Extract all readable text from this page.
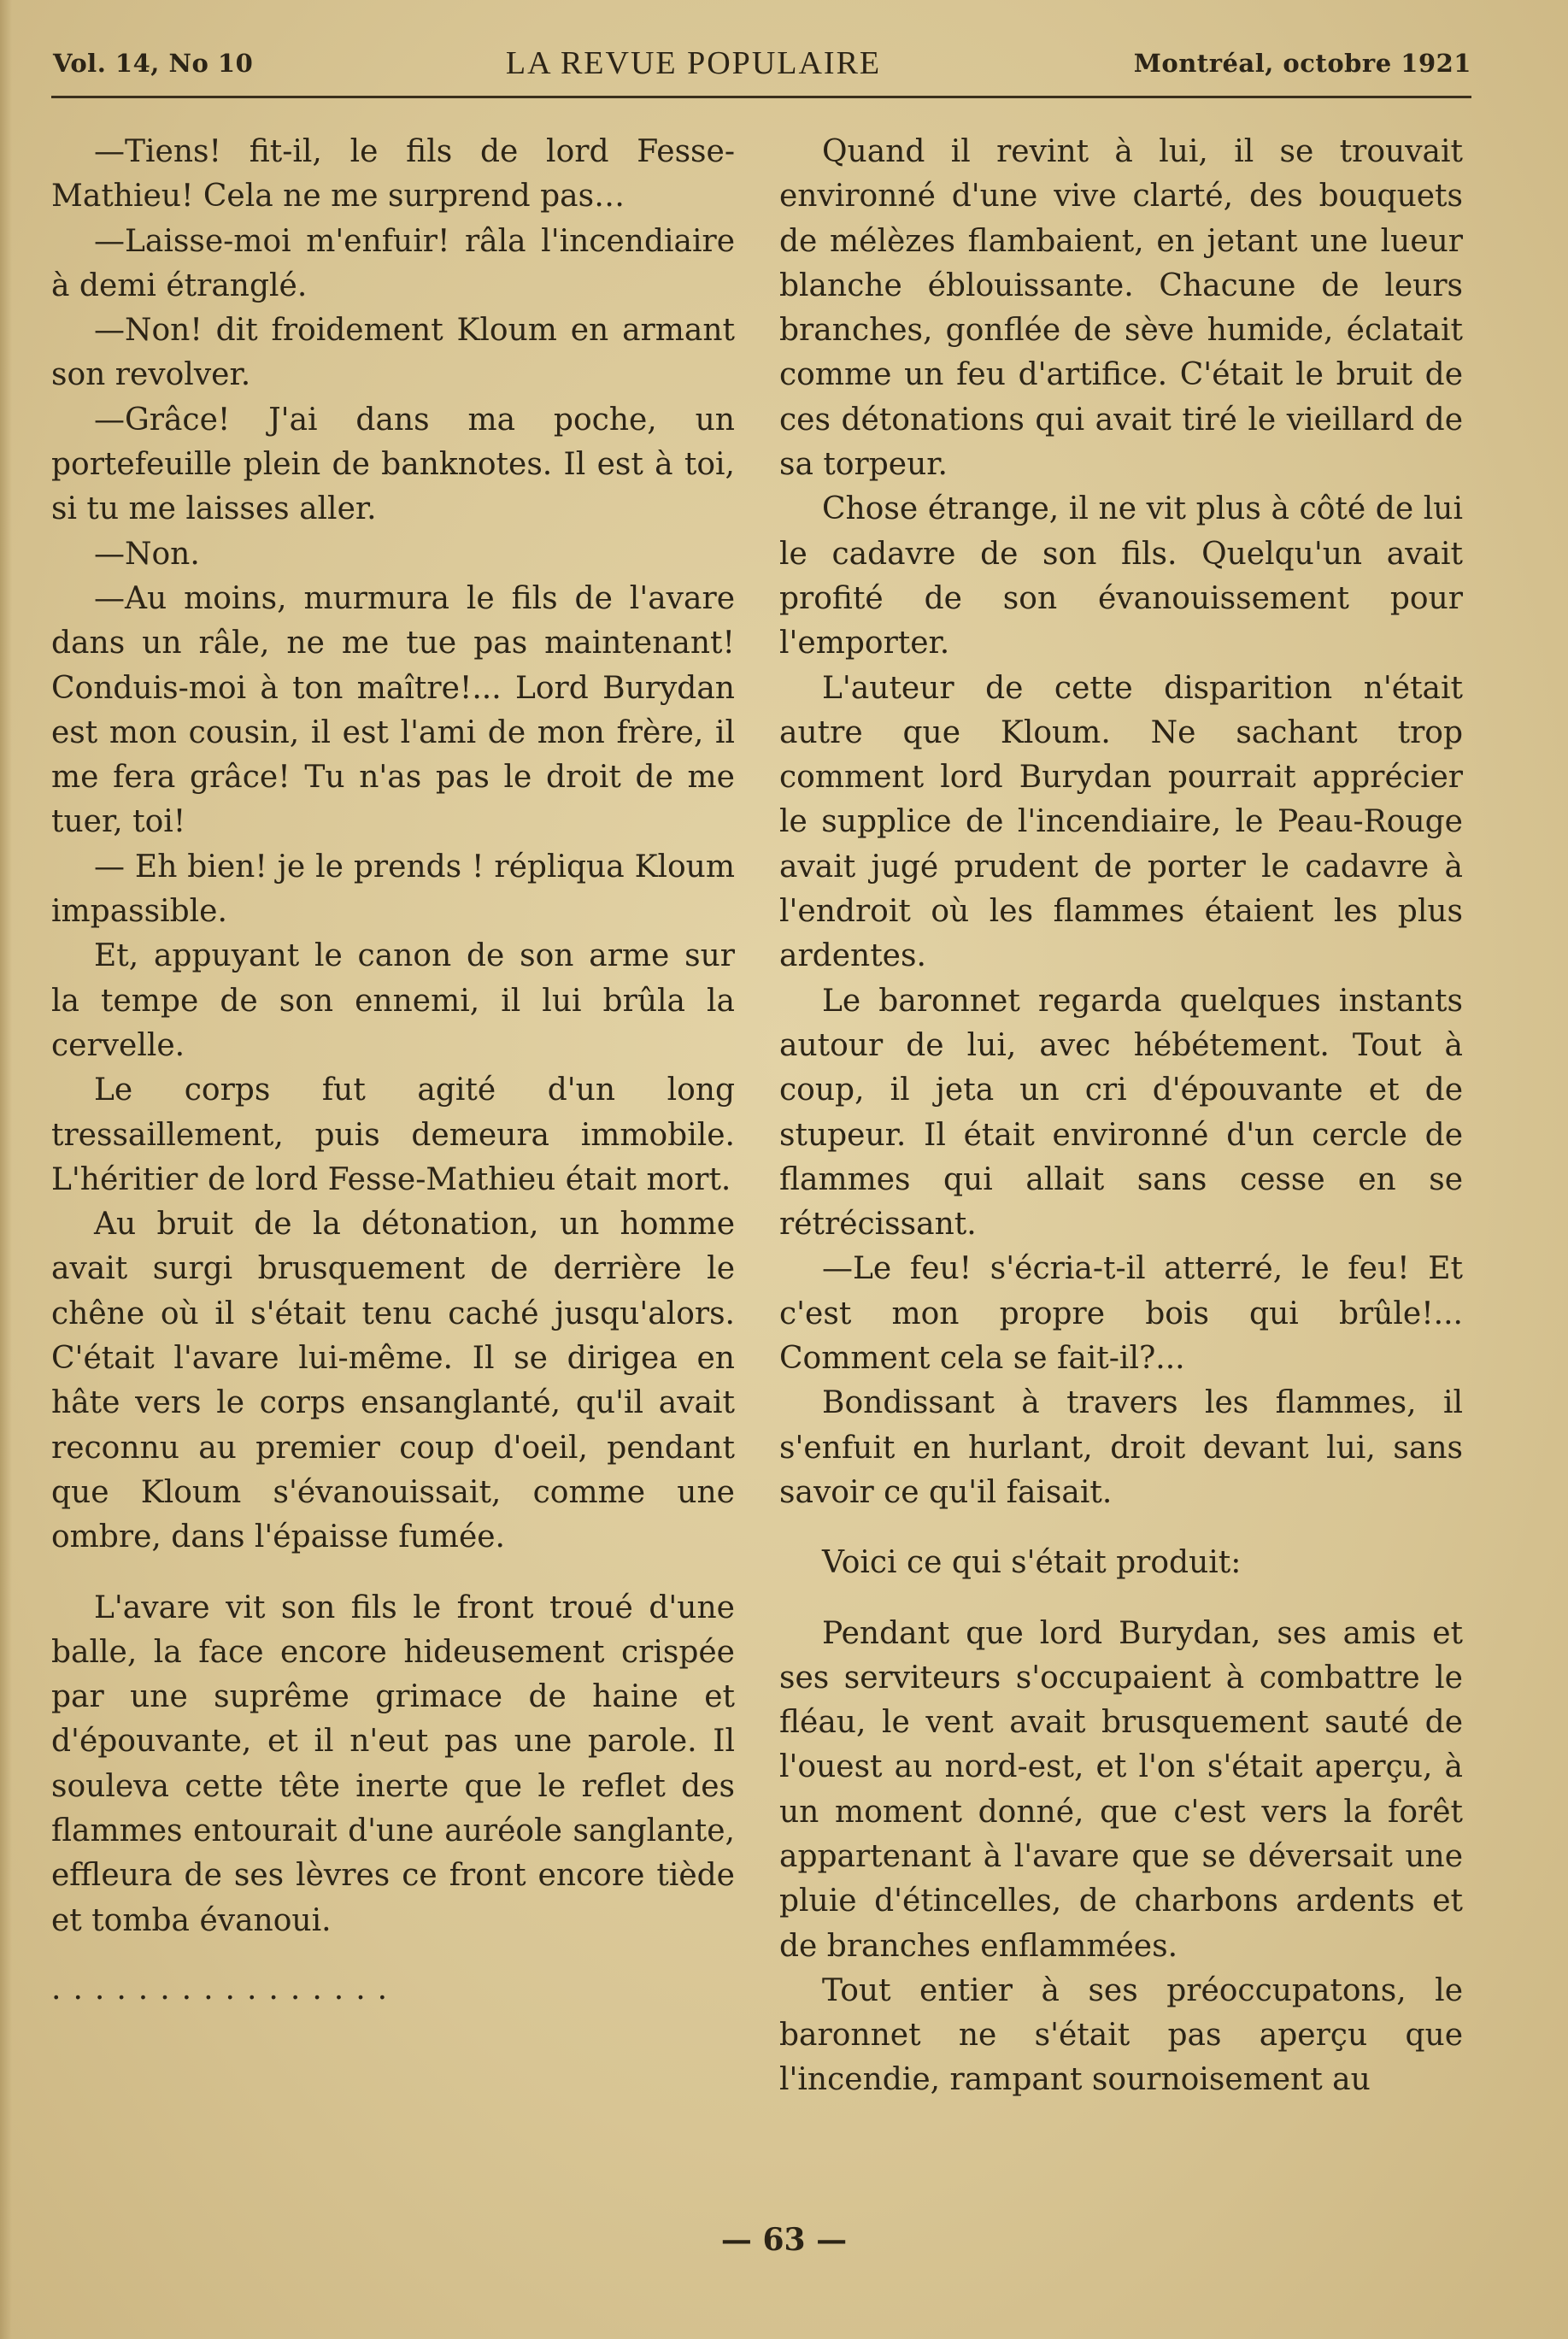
Vol. 14, No 10	LA REVUE POPULAIRE	Montréal, octobre 1921

—Tiens! fit-il, le fils de lord Fesse-Mathieu! Cela ne me surprend pas…

—Laisse-moi m'enfuir! râla l'incendiaire à demi étranglé.

—Non! dit froidement Kloum en armant son revolver.

—Grâce! J'ai dans ma poche, un portefeuille plein de banknotes. Il est à toi, si tu me laisses aller.

—Non.

—Au moins, murmura le fils de l'avare dans un râle, ne me tue pas maintenant! Conduis-moi à ton maître!... Lord Burydan est mon cousin, il est l'ami de mon frère, il me fera grâce! Tu n'as pas le droit de me tuer, toi!

— Eh bien! je le prends ! répliqua Kloum impassible.

Et, appuyant le canon de son arme sur la tempe de son ennemi, il lui brûla la cervelle.

Le corps fut agité d'un long tressaillement, puis demeura immobile. L'héritier de lord Fesse-Mathieu était mort.

Au bruit de la détonation, un homme avait surgi brusquement de derrière le chêne où il s'était tenu caché jusqu'alors. C'était l'avare lui-même. Il se dirigea en hâte vers le corps ensanglanté, qu'il avait reconnu au premier coup d'oeil, pendant que Kloum s'évanouissait, comme une ombre, dans l'épaisse fumée.

L'avare vit son fils le front troué d'une balle, la face encore hideusement crispée par une suprême grimace de haine et d'épouvante, et il n'eut pas une parole. Il souleva cette tête inerte que le reflet des flammes entourait d'une auréole sanglante, effleura de ses lèvres ce front encore tiède et tomba évanoui.

................

Quand il revint à lui, il se trouvait environné d'une vive clarté, des bouquets de mélèzes flambaient, en jetant une lueur blanche éblouissante. Chacune de leurs branches, gonflée de sève humide, éclatait comme un feu d'artifice. C'était le bruit de ces détonations qui avait tiré le vieillard de sa torpeur.

Chose étrange, il ne vit plus à côté de lui le cadavre de son fils. Quelqu'un avait profité de son évanouissement pour l'emporter.

L'auteur de cette disparition n'était autre que Kloum. Ne sachant trop comment lord Burydan pourrait apprécier le supplice de l'incendiaire, le Peau-Rouge avait jugé prudent de porter le cadavre à l'endroit où les flammes étaient les plus ardentes.

Le baronnet regarda quelques instants autour de lui, avec hébétement. Tout à coup, il jeta un cri d'épouvante et de stupeur. Il était environné d'un cercle de flammes qui allait sans cesse en se rétrécissant.

—Le feu! s'écria-t-il atterré, le feu! Et c'est mon propre bois qui brûle!... Comment cela se fait-il?...

Bondissant à travers les flammes, il s'enfuit en hurlant, droit devant lui, sans savoir ce qu'il faisait.

Voici ce qui s'était produit:

Pendant que lord Burydan, ses amis et ses serviteurs s'occupaient à combattre le fléau, le vent avait brusquement sauté de l'ouest au nord-est, et l'on s'était aperçu, à un moment donné, que c'est vers la forêt appartenant à l'avare que se déversait une pluie d'étincelles, de charbons ardents et de branches enflammées.

Tout entier à ses préoccupatons, le baronnet ne s'était pas aperçu que l'incendie, rampant sournoisement au

— 63 —
